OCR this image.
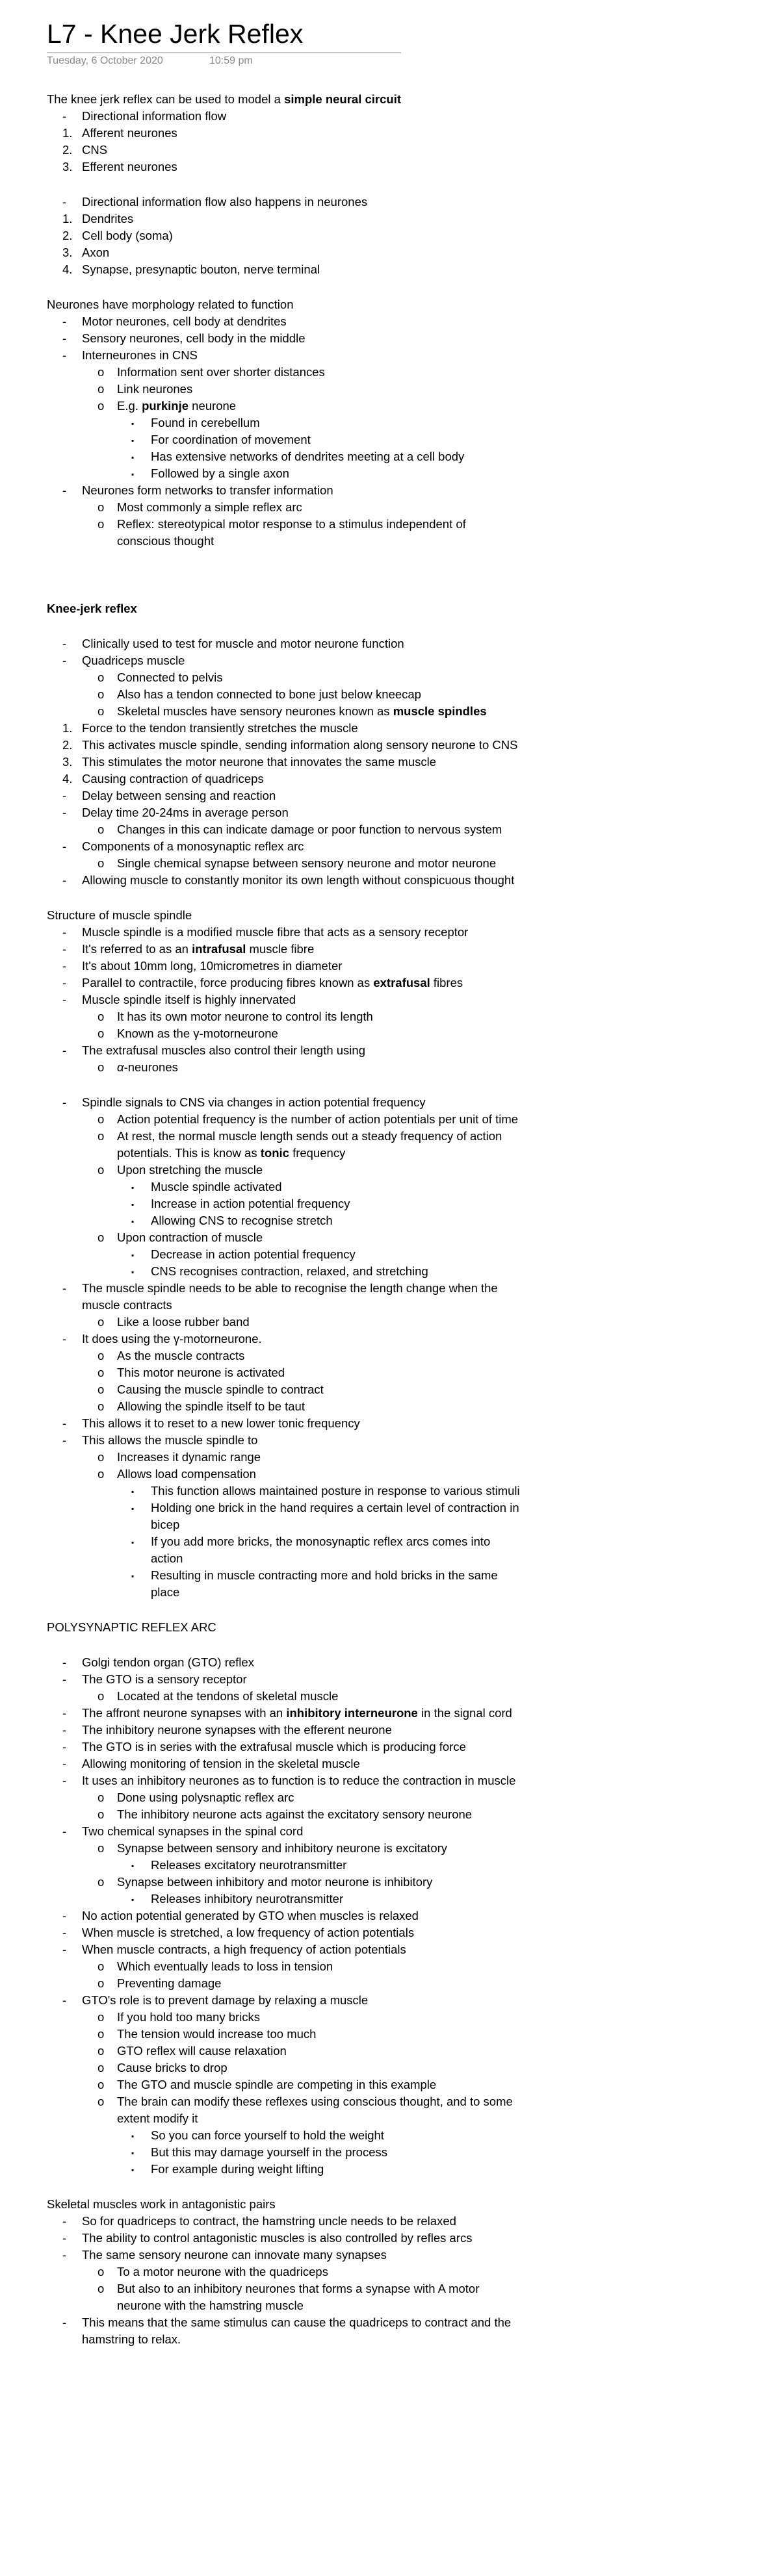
L7 - Knee Jerk Reflex
Tuesday, 6 October 2020	10:59 pm
The knee jerk reflex can be used to model a simple neural circuit
-	Directional information flow
1. Afferent neurones
2. CNS
3. Efferent neurones
-	Directional information flow also happens in neurones
1. Dendrites
2. Cell body (soma)
3. Axon
4. Synapse, presynaptic bouton, nerve terminal
Neurones have morphology related to function
-	Motor neurones, cell body at dendrites
-	Sensory neurones, cell body in the middle
-	Interneurones in CNS
o	Information sent over shorter distances
o	Link neurones
o	E.g. purkinje neurone
▪	Found in cerebellum
▪	For coordination of movement
▪	Has extensive networks of dendrites meeting at a cell body
▪	Followed by a single axon
-	Neurones form networks to transfer information
o	Most commonly a simple reflex arc
o	Reflex: stereotypical motor response to a stimulus independent of conscious thought
Knee-jerk reflex
-	Clinically used to test for muscle and motor neurone function
-	Quadriceps muscle
o	Connected to pelvis
o	Also has a tendon connected to bone just below kneecap
o	Skeletal muscles have sensory neurones known as muscle spindles
1. Force to the tendon transiently stretches the muscle
2. This activates muscle spindle, sending information along sensory neurone to CNS
3. This stimulates the motor neurone that innovates the same muscle
4. Causing contraction of quadriceps
-	Delay between sensing and reaction
-	Delay time 20-24ms in average person
o	Changes in this can indicate damage or poor function to nervous system
-	Components of a monosynaptic reflex arc
o	Single chemical synapse between sensory neurone and motor neurone
-	Allowing muscle to constantly monitor its own length without conspicuous thought
Structure of muscle spindle
-	Muscle spindle is a modified muscle fibre that acts as a sensory receptor
-	It's referred to as an intrafusal muscle fibre
-	It's about 10mm long, 10micrometres in diameter
-	Parallel to contractile, force producing fibres known as extrafusal fibres
-	Muscle spindle itself is highly innervated
o	It has its own motor neurone to control its length
o	Known as the γ-motorneurone
-	The extrafusal muscles also control their length using
o	α-neurones
-	Spindle signals to CNS via changes in action potential frequency
o	Action potential frequency is the number of action potentials per unit of time
o	At rest, the normal muscle length sends out a steady frequency of action potentials. This is know as tonic frequency
o	Upon stretching the muscle
▪	Muscle spindle activated
▪	Increase in action potential frequency
▪	Allowing CNS to recognise stretch
o	Upon contraction of muscle
▪	Decrease in action potential frequency
▪	CNS recognises contraction, relaxed, and stretching
-	The muscle spindle needs to be able to recognise the length change when the muscle contracts
o	Like a loose rubber band
-	It does using the γ-motorneurone.
o	As the muscle contracts
o	This motor neurone is activated
o	Causing the muscle spindle to contract
o	Allowing the spindle itself to be taut
-	This allows it to reset to a new lower tonic frequency
-	This allows the muscle spindle to
o	Increases it dynamic range
o	Allows load compensation
▪	This function allows maintained posture in response to various stimuli
▪	Holding one brick in the hand requires a certain level of contraction in bicep
▪	If you add more bricks, the monosynaptic reflex arcs comes into action
▪	Resulting in muscle contracting more and hold bricks in the same place
POLYSYNAPTIC REFLEX ARC
-	Golgi tendon organ (GTO) reflex
-	The GTO is a sensory receptor
o	Located at the tendons of skeletal muscle
-	The affront neurone synapses with an inhibitory interneurone in the signal cord
-	The inhibitory neurone synapses with the efferent neurone
-	The GTO is in series with the extrafusal muscle which is producing force
-	Allowing monitoring of tension in the skeletal muscle
-	It uses an inhibitory neurones as to function is to reduce the contraction in muscle
o	Done using polysnaptic reflex arc
o	The inhibitory neurone acts against the excitatory sensory neurone
-	Two chemical synapses in the spinal cord
o	Synapse between sensory and inhibitory neurone is excitatory
▪	Releases excitatory neurotransmitter
o	Synapse between inhibitory and motor neurone is inhibitory
▪	Releases inhibitory neurotransmitter
-	No action potential generated by GTO when muscles is relaxed
-	When muscle is stretched, a low frequency of action potentials
-	When muscle contracts, a high frequency of action potentials
o	Which eventually leads to loss in tension
o	Preventing damage
-	GTO's role is to prevent damage by relaxing a muscle
o	If you hold too many bricks
o	The tension would increase too much
o	GTO reflex will cause relaxation
o	Cause bricks to drop
o	The GTO and muscle spindle are competing in this example
o	The brain can modify these reflexes using conscious thought, and to some extent modify it
▪	So you can force yourself to hold the weight
▪	But this may damage yourself in the process
▪	For example during weight lifting
Skeletal muscles work in antagonistic pairs
-	So for quadriceps to contract, the hamstring uncle needs to be relaxed
-	The ability to control antagonistic muscles is also controlled by refles arcs
-	The same sensory neurone can innovate many synapses
o	To a motor neurone with the quadriceps
o	But also to an inhibitory neurones that forms a synapse with A motor neurone with the hamstring muscle
-	This means that the same stimulus can cause the quadriceps to contract and the hamstring to relax.
